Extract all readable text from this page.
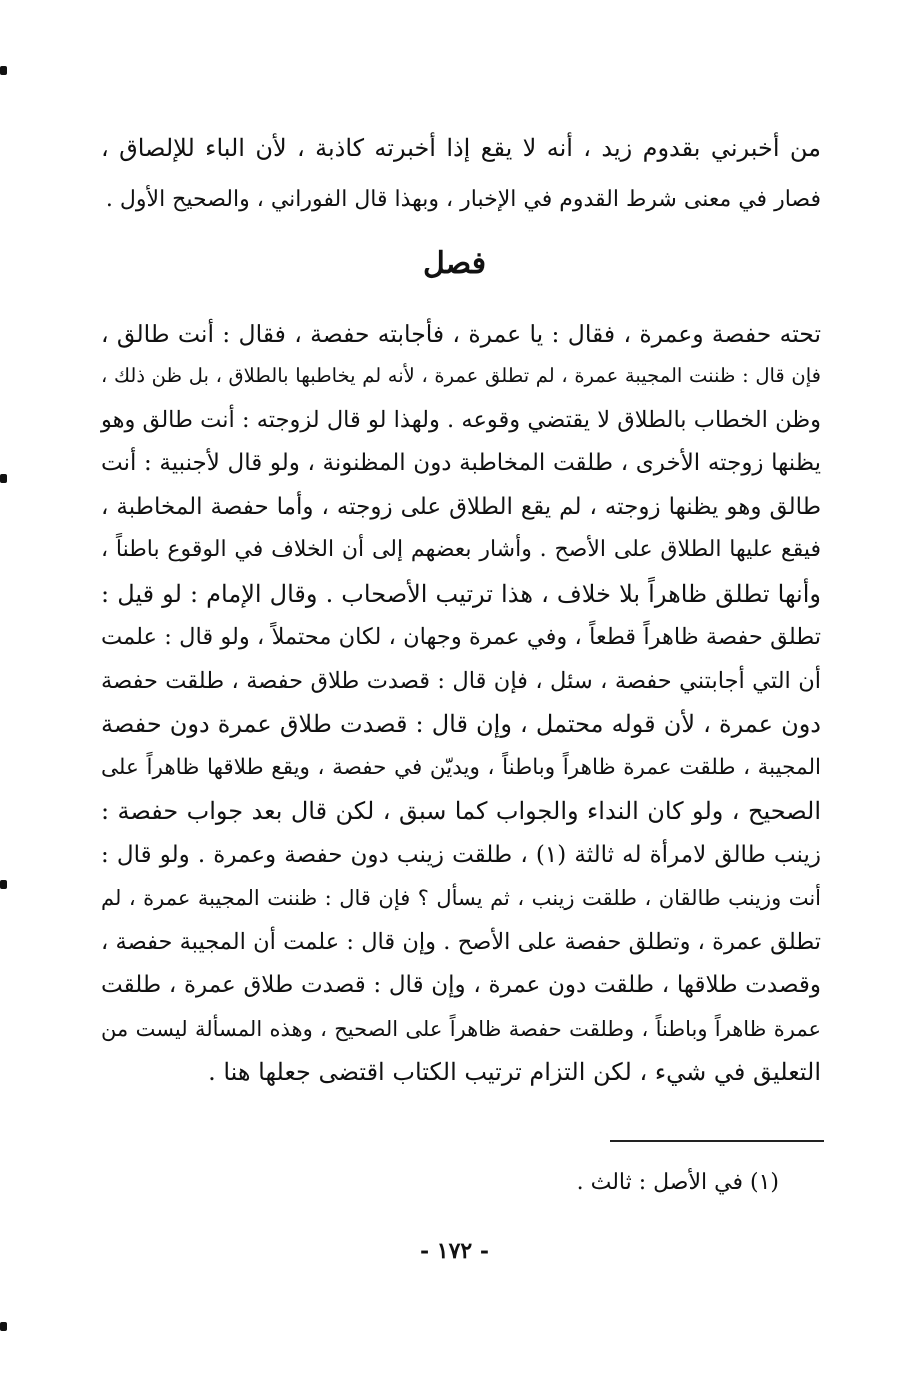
من أخبرني بقدوم زيد ، أنه لا يقع إذا أخبرته كاذبة ، لأن الباء للإلصاق ،
فصار في معنى شرط القدوم في الإخبار ، وبهذا قال الفوراني ، والصحيح الأول .
فصل
تحته حفصة وعمرة ، فقال : يا عمرة ، فأجابته حفصة ، فقال : أنت طالق ،
فإن قال : ظننت المجيبة عمرة ، لم تطلق عمرة ، لأنه لم يخاطبها بالطلاق ، بل ظن ذلك ،
وظن الخطاب بالطلاق لا يقتضي وقوعه . ولهذا لو قال لزوجته : أنت طالق وهو
يظنها زوجته الأخرى ، طلقت المخاطبة دون المظنونة ، ولو قال لأجنبية : أنت
طالق وهو يظنها زوجته ، لم يقع الطلاق على زوجته ، وأما حفصة المخاطبة ،
فيقع عليها الطلاق على الأصح . وأشار بعضهم إلى أن الخلاف في الوقوع باطناً ،
وأنها تطلق ظاهراً بلا خلاف ، هذا ترتيب الأصحاب . وقال الإمام : لو قيل :
تطلق حفصة ظاهراً قطعاً ، وفي عمرة وجهان ، لكان محتملاً ، ولو قال : علمت
أن التي أجابتني حفصة ، سئل ، فإن قال : قصدت طلاق حفصة ، طلقت حفصة
دون عمرة ، لأن قوله محتمل ، وإن قال : قصدت طلاق عمرة دون حفصة
المجيبة ، طلقت عمرة ظاهراً وباطناً ، ويديّن في حفصة ، ويقع طلاقها ظاهراً على
الصحيح ، ولو كان النداء والجواب كما سبق ، لكن قال بعد جواب حفصة :
زينب طالق لامرأة له ثالثة (١) ، طلقت زينب دون حفصة وعمرة . ولو قال :
أنت وزينب طالقان ، طلقت زينب ، ثم يسأل ؟ فإن قال : ظننت المجيبة عمرة ، لم
تطلق عمرة ، وتطلق حفصة على الأصح . وإن قال : علمت أن المجيبة حفصة ،
وقصدت طلاقها ، طلقت دون عمرة ، وإن قال : قصدت طلاق عمرة ، طلقت
عمرة ظاهراً وباطناً ، وطلقت حفصة ظاهراً على الصحيح ، وهذه المسألة ليست من
التعليق في شيء ، لكن التزام ترتيب الكتاب اقتضى جعلها هنا .
(١) في الأصل : ثالث .
- ١٧٢ -
